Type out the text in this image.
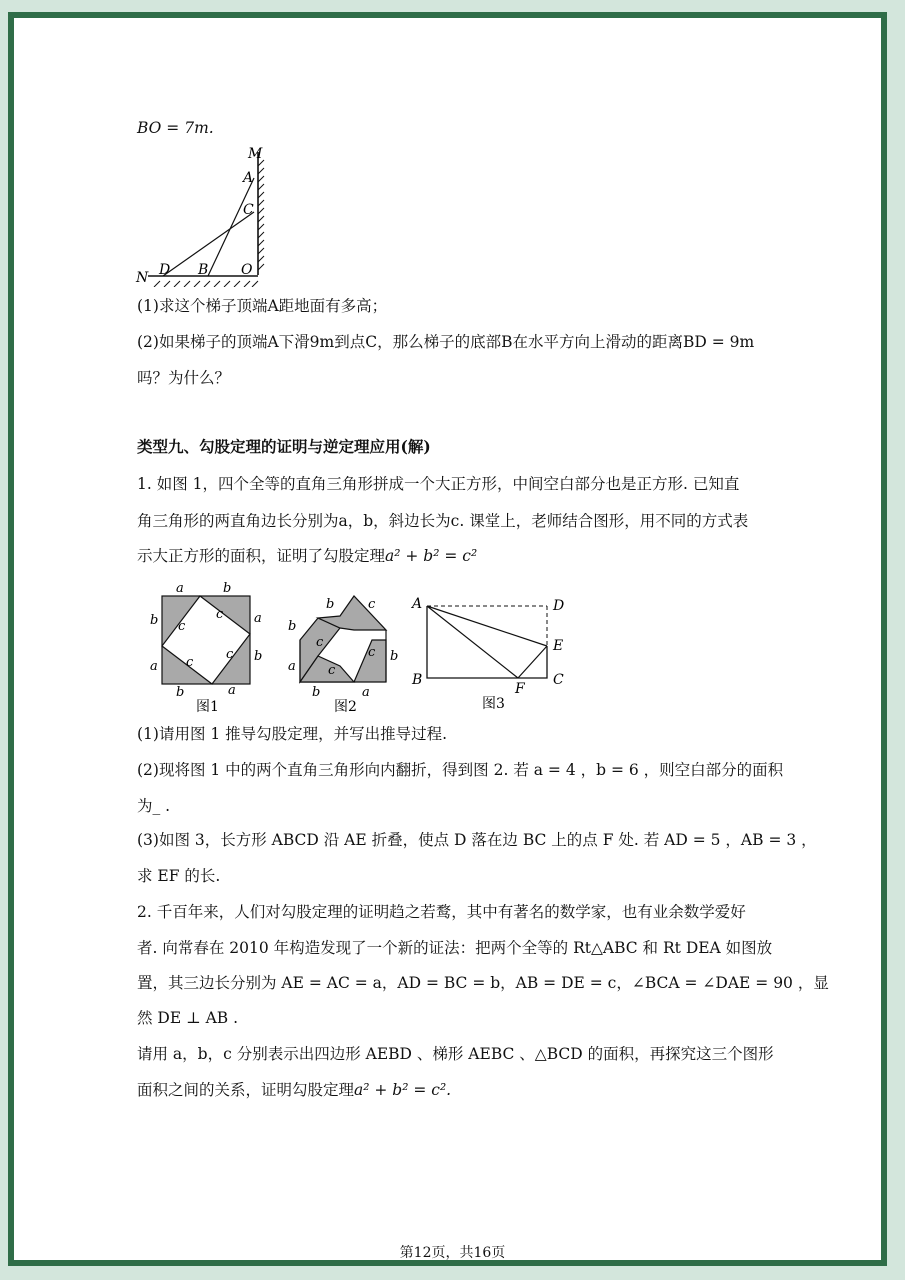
BO = 7m.
M
A
C
N D B O
(1)求这个梯子顶端A距地面有多高；
(2)如果梯子的顶端A下滑9m到点C，那么梯子的底部B在水平方向上滑动的距离BD = 9m
吗？为什么？
类型九、勾股定理的证明与逆定理应用(解)
1. 如图 1，四个全等的直角三角形拼成一个大正方形，中间空白部分也是正方形. 已知直
角三角形的两直角边长分别为a，b，斜边长为c. 课堂上，老师结合图形，用不同的方式表
示大正方形的面积，证明了勾股定理a² + b² = c²
a	b
b	a
a
b
b	a
c
c
c
c
图1
b	c
b
a
c
c b
c
b	a
图2
A	D
E
B
F
C
图3
(1)请用图 1 推导勾股定理，并写出推导过程.
(2)现将图 1 中的两个直角三角形向内翻折，得到图 2. 若 a = 4 ，b = 6 ，则空白部分的面积
为_ .
(3)如图 3，长方形 ABCD 沿 AE 折叠，使点 D 落在边 BC 上的点 F 处. 若 AD = 5 ，AB = 3 ，
求 EF 的长.
2. 千百年来，人们对勾股定理的证明趋之若鹜，其中有著名的数学家，也有业余数学爱好
者. 向常春在 2010 年构造发现了一个新的证法：把两个全等的 Rt△ABC 和 Rt DEA 如图放
置，其三边长分别为 AE = AC = a，AD = BC = b，AB = DE = c，∠BCA = ∠DAE = 90 ，显
然 DE ⊥ AB .
请用 a，b，c 分别表示出四边形 AEBD 、梯形 AEBC 、△BCD 的面积，再探究这三个图形
面积之间的关系，证明勾股定理a² + b² = c².
第12页，共16页
